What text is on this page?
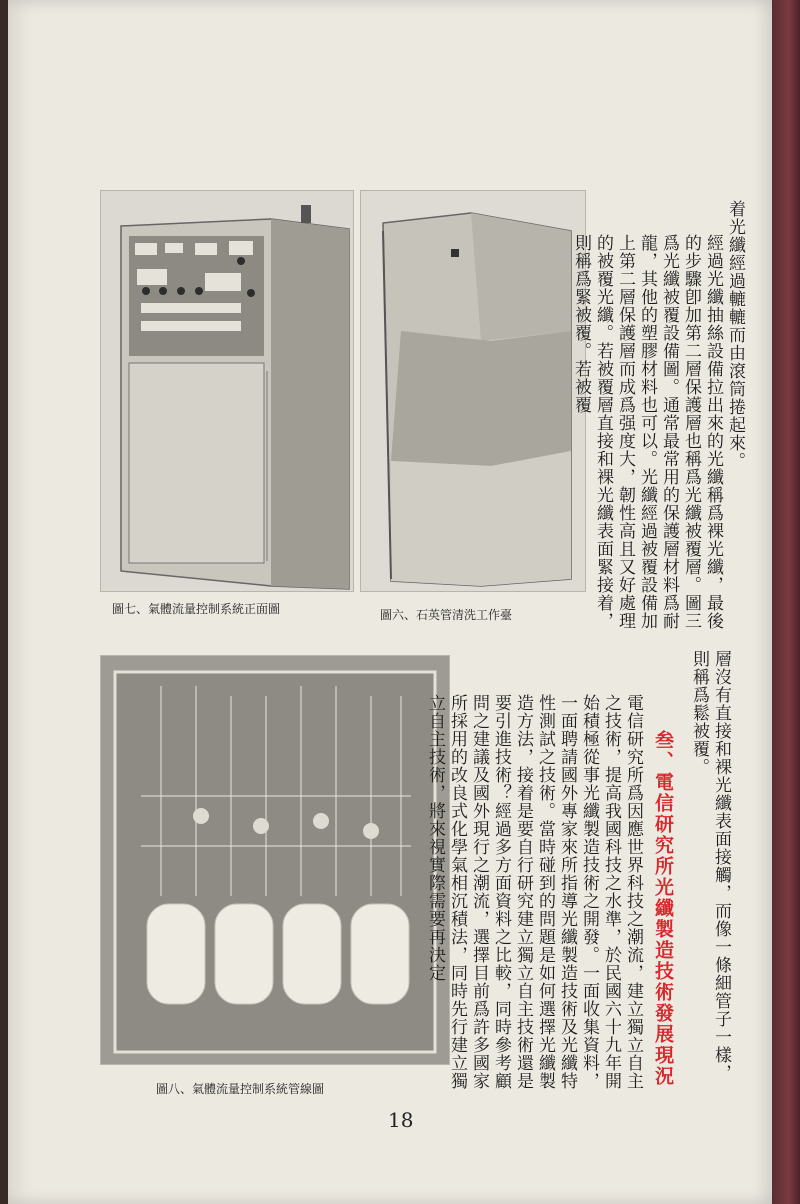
圖七、氣體流量控制系統正面圖	圖六、石英管清洗工作臺
圖八、氣體流量控制系統管線圖

着光纖經過轆轆而由滾筒捲起來。

經過光纖抽絲設備拉出來的光纖稱爲裸光纖，最後的步驟卽加第二層保護層也稱爲光纖被覆層。圖三爲光纖被覆設備圖。通常最常用的保護層材料爲耐龍，其他的塑膠材料也可以。光纖經過被覆設備加上第二層保護層而成爲强度大，韌性高且又好處理的被覆光纖。若被覆層直接和裸光纖表面緊接着，則稱爲緊被覆。若被覆

層沒有直接和裸光纖表面接觸，而像一條細管子一樣，則稱爲鬆被覆。

叁、電信研究所光纖製造技術發展現況

電信研究所爲因應世界科技之潮流，建立獨立自主之技術，提高我國科技之水準，於民國六十九年開始積極從事光纖製造技術之開發。一面收集資料，一面聘請國外專家來所指導光纖製造技術及光纖特性測試之技術。當時碰到的問題是如何選擇光纖製造方法，接着是要自行研究建立獨立自主技術還是要引進技術？經過多方面資料之比較，同時參考顧問之建議及國外現行之潮流，選擇目前爲許多國家所採用的改良式化學氣相沉積法，同時先行建立獨立自主技術，將來視實際需要再決定

18
